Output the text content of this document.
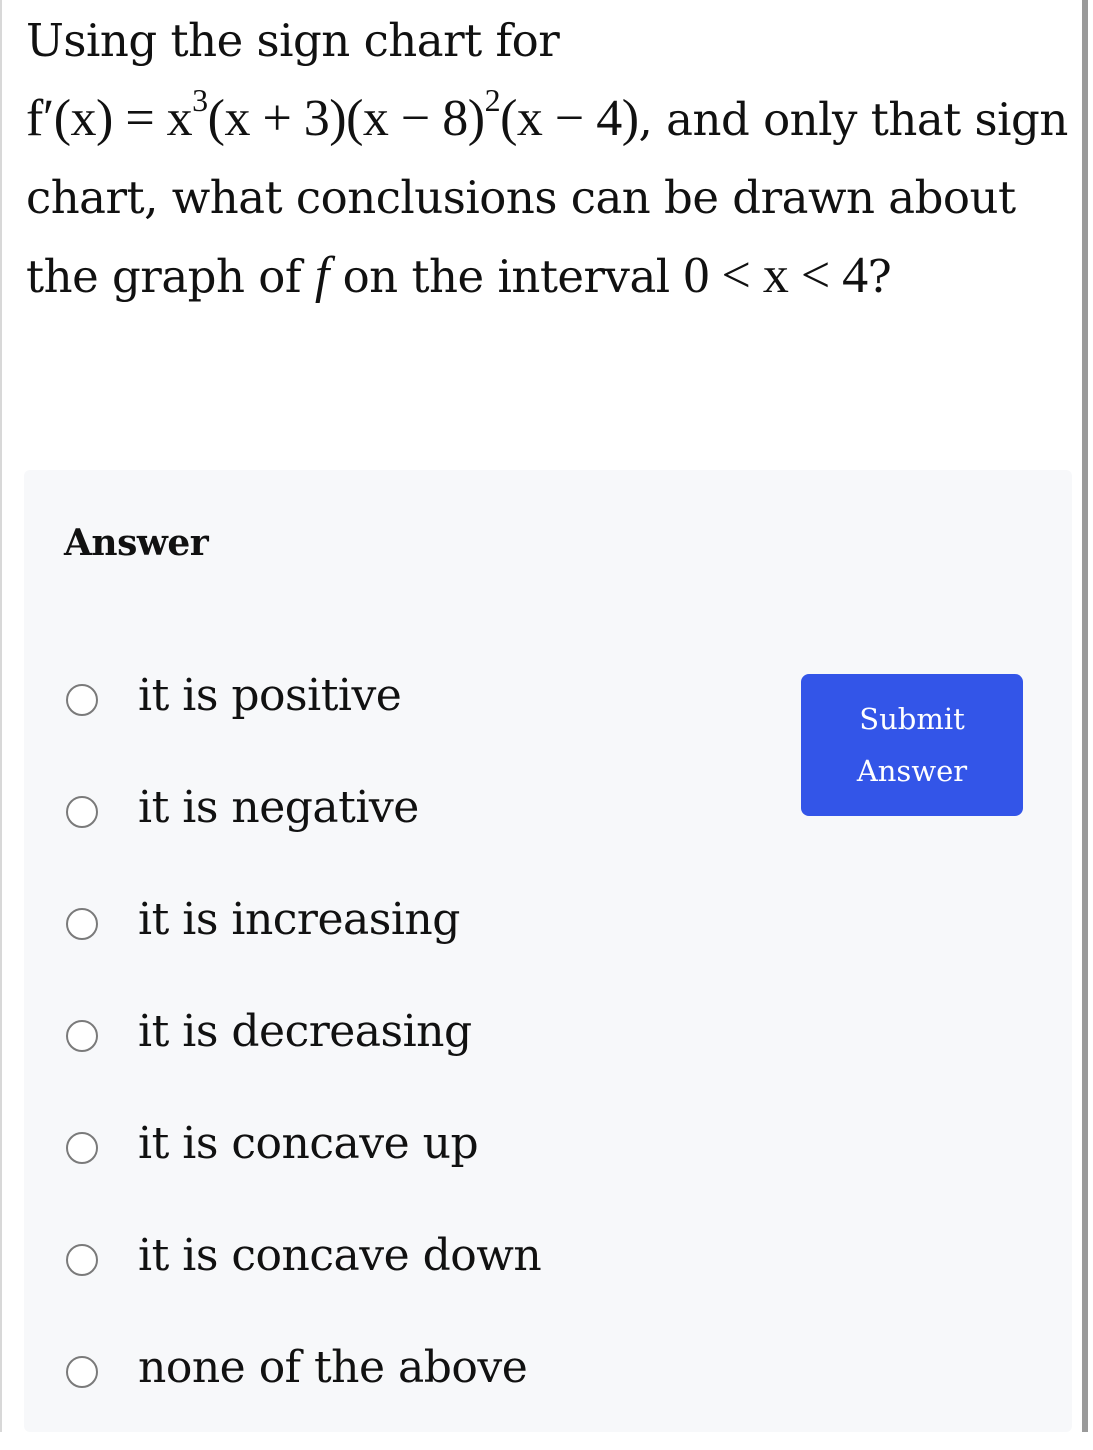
Using the sign chart for
$f'(x) = x^3(x + 3)(x - 8)^2(x - 4)$, and only that sign chart, what conclusions can be drawn about the graph of f on the interval 0 < x < 4?
Answer
it is positive
it is negative
it is increasing
it is decreasing
it is concave up
it is concave down
none of the above
Submit Answer
